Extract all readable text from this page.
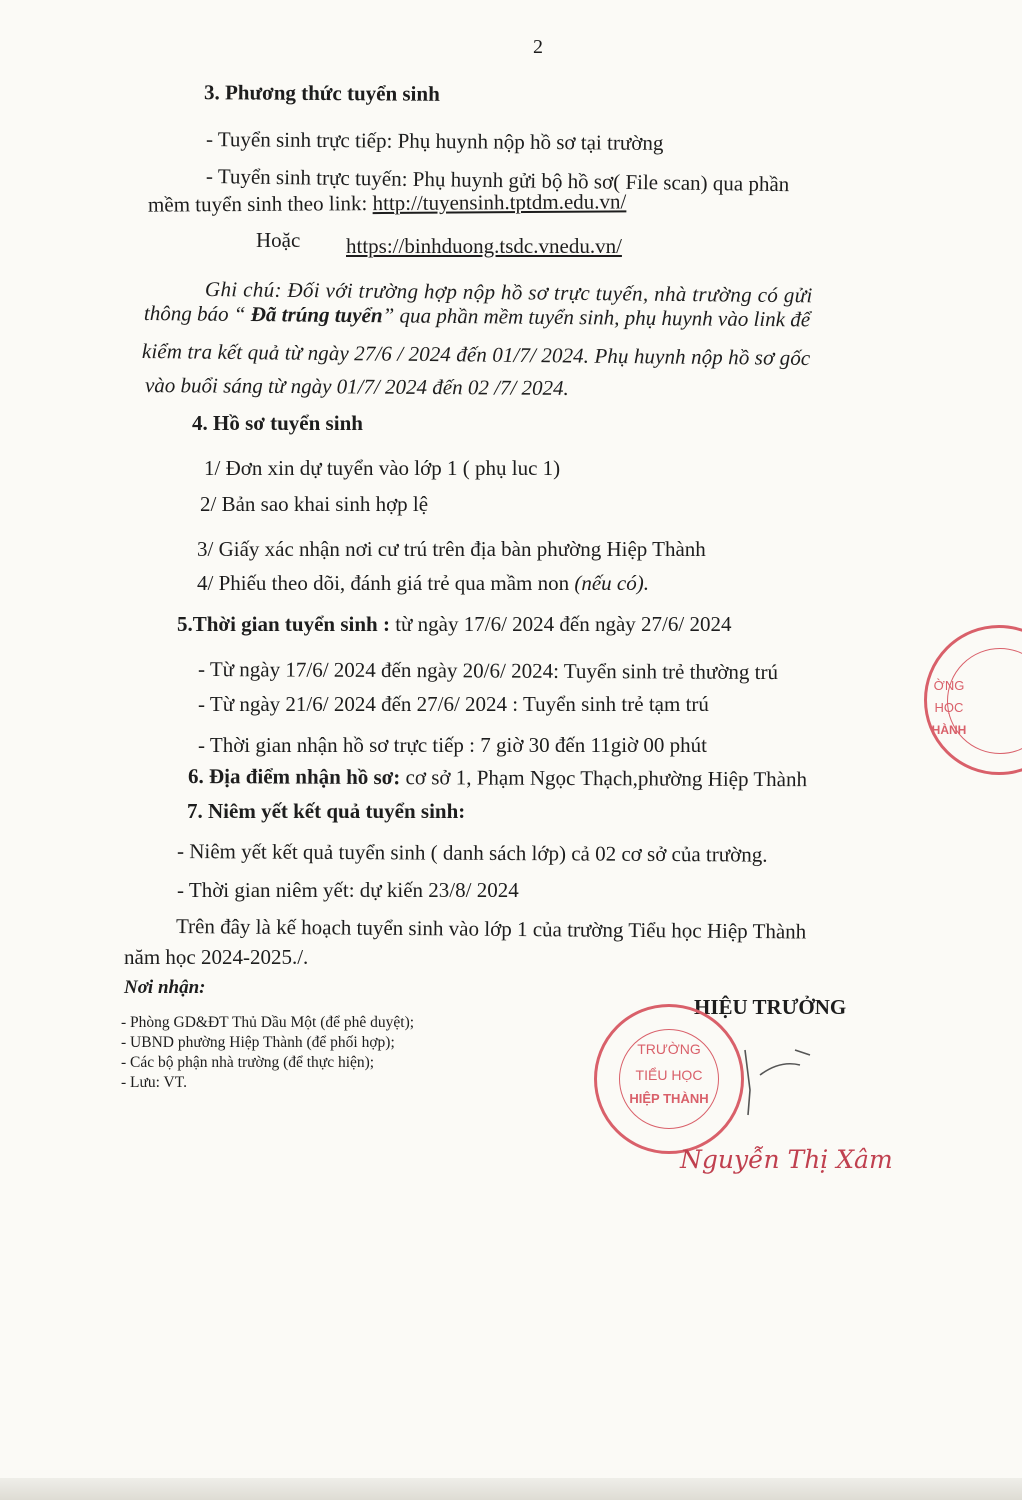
2
3. Phương thức tuyển sinh
- Tuyển sinh trực tiếp: Phụ huynh nộp hồ sơ tại trường
- Tuyển sinh trực tuyến: Phụ huynh gửi bộ hồ sơ( File scan) qua phần
mềm tuyển sinh theo link: http://tuyensinh.tptdm.edu.vn/
Hoặc https://binhduong.tsdc.vnedu.vn/
Ghi chú: Đối với trường hợp nộp hồ sơ trực tuyến, nhà trường có gửi
thông báo “ Đã trúng tuyển” qua phần mềm tuyển sinh, phụ huynh vào link để
kiểm tra kết quả từ ngày 27/6 / 2024 đến 01/7/ 2024. Phụ huynh nộp hồ sơ gốc
vào buổi sáng từ ngày 01/7/ 2024 đến 02 /7/ 2024.
4. Hồ sơ tuyển sinh
1/ Đơn xin dự tuyển vào lớp 1 ( phụ luc 1)
2/ Bản sao khai sinh hợp lệ
3/ Giấy xác nhận nơi cư trú trên địa bàn phường Hiệp Thành
4/ Phiếu theo dõi, đánh giá trẻ qua mầm non (nếu có).
5.Thời gian tuyển sinh : từ ngày 17/6/ 2024 đến ngày 27/6/ 2024
- Từ ngày 17/6/ 2024 đến ngày 20/6/ 2024: Tuyển sinh trẻ thường trú
- Từ ngày 21/6/ 2024 đến 27/6/ 2024 : Tuyển sinh trẻ tạm trú
- Thời gian nhận hồ sơ trực tiếp : 7 giờ 30 đến 11giờ 00 phút
6. Địa điểm nhận hồ sơ: cơ sở 1, Phạm Ngọc Thạch,phường Hiệp Thành
7. Niêm yết kết quả tuyển sinh:
- Niêm yết kết quả tuyển sinh ( danh sách lớp) cả 02 cơ sở của trường.
- Thời gian niêm yết: dự kiến 23/8/ 2024
Trên đây là kế hoạch tuyển sinh vào lớp 1 của trường Tiểu học Hiệp Thành
năm học 2024-2025./.
Nơi nhận:
- Phòng GD&ĐT Thủ Dầu Một (để phê duyệt);
- UBND phường Hiệp Thành (để phối hợp);
- Các bộ phận nhà trường (để thực hiện);
- Lưu: VT.
HIỆU TRƯỞNG
TRƯỜNG
TIỂU HỌC
HIỆP THÀNH
Nguyễn Thị Xâm
ỜNG
HỌC
HÀNH
